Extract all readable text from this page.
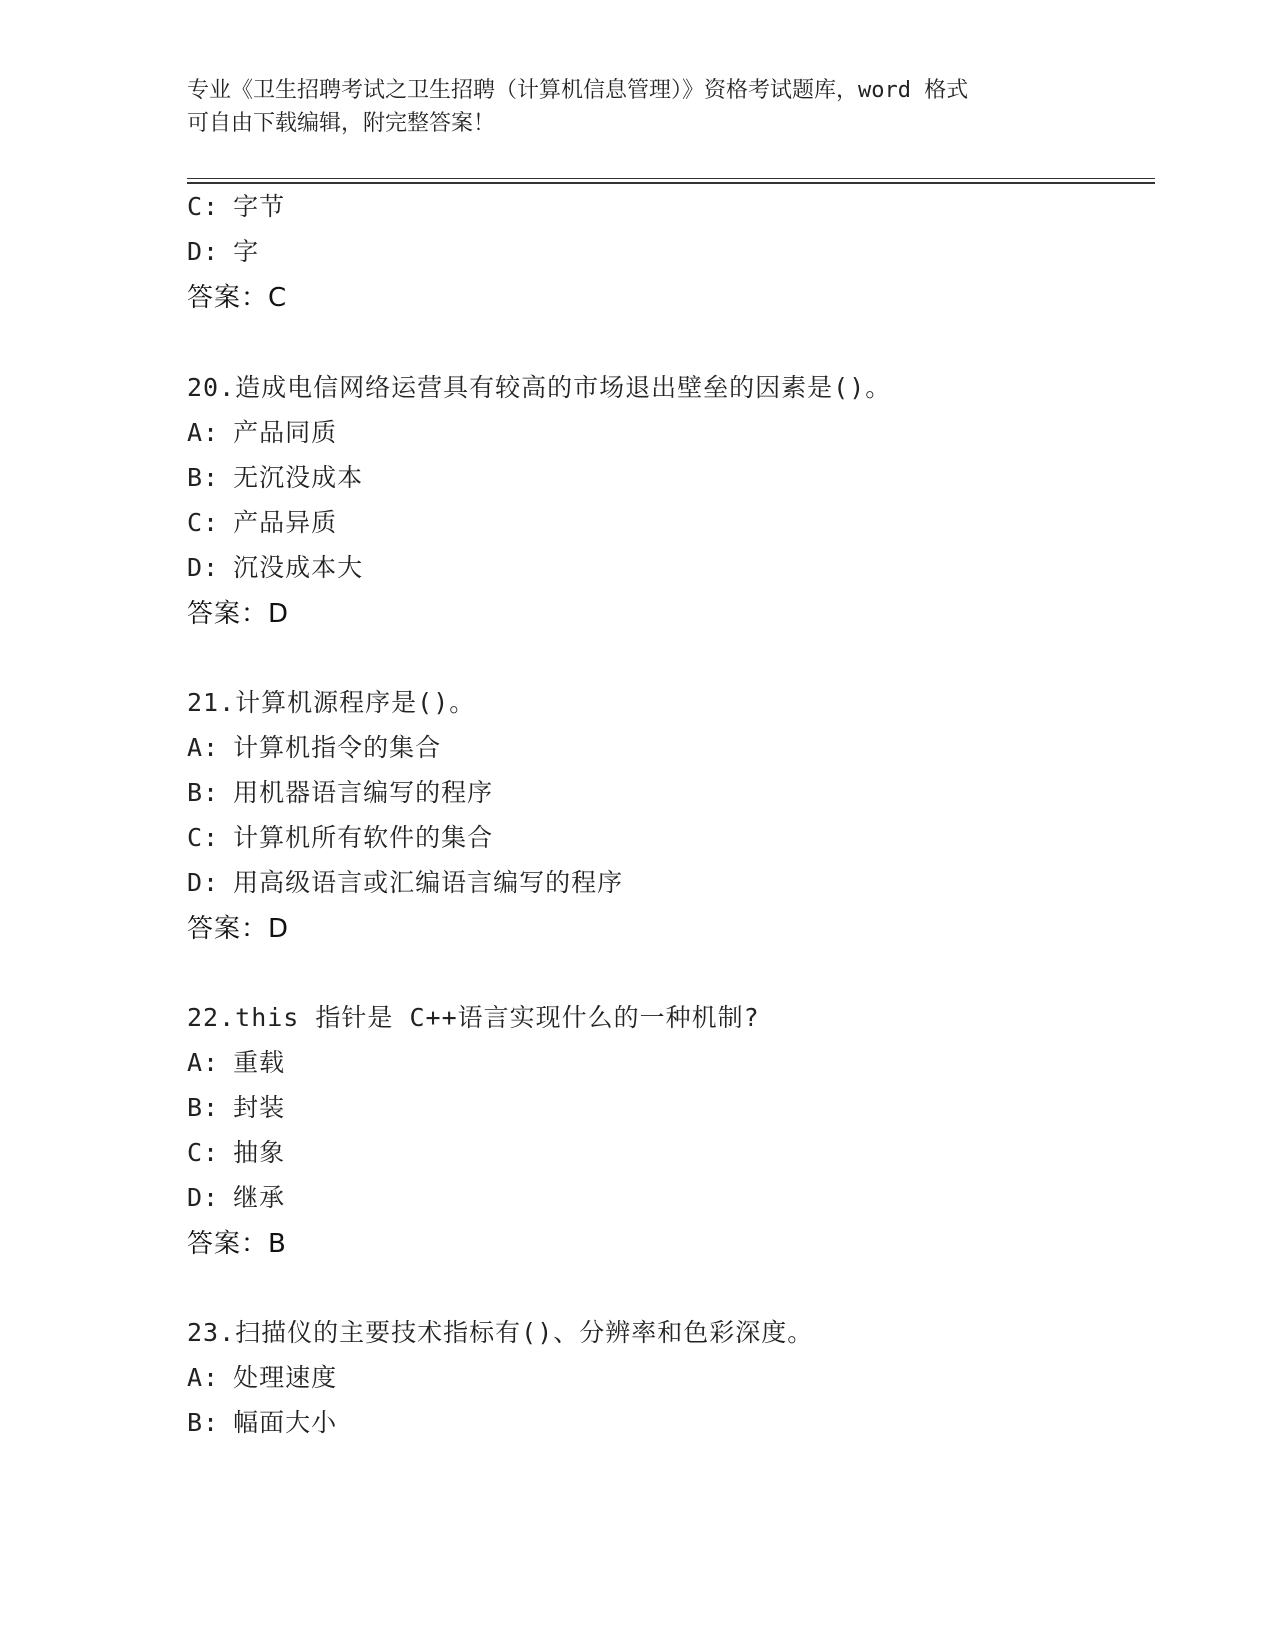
专业《卫生招聘考试之卫生招聘（计算机信息管理）》资格考试题库，word 格式
可自由下载编辑，附完整答案！
C: 字节
D: 字
答案：C
20.造成电信网络运营具有较高的市场退出壁垒的因素是()。
A: 产品同质
B: 无沉没成本
C: 产品异质
D: 沉没成本大
答案：D
21.计算机源程序是()。
A: 计算机指令的集合
B: 用机器语言编写的程序
C: 计算机所有软件的集合
D: 用高级语言或汇编语言编写的程序
答案：D
22.this 指针是 C++语言实现什么的一种机制?
A: 重载
B: 封装
C: 抽象
D: 继承
答案：B
23.扫描仪的主要技术指标有()、分辨率和色彩深度。
A: 处理速度
B: 幅面大小
